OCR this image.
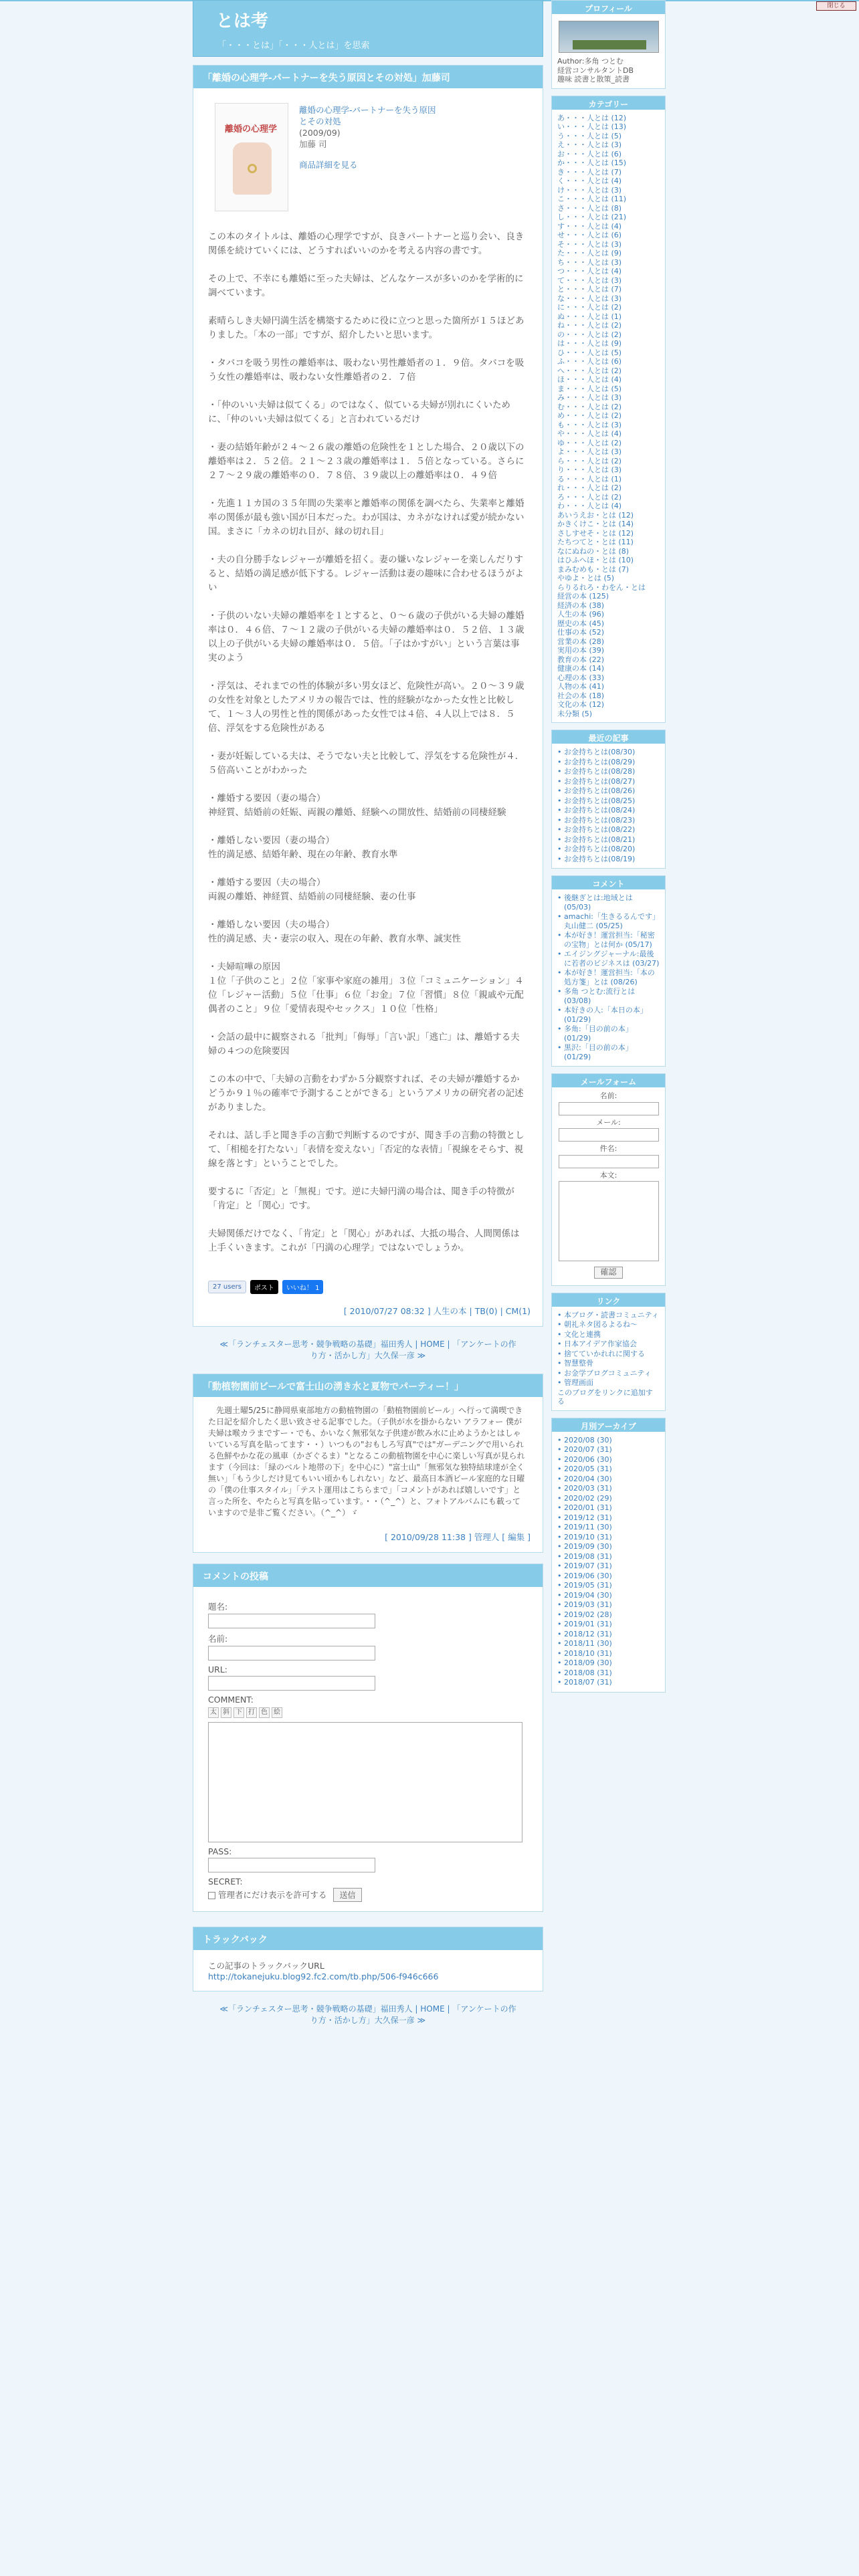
閉じる
とは考
「・・・とは」「・・・人とは」を思索
「離婚の心理学-パートナーを失う原因とその対処」加藤司
離婚の心理学
離婚の心理学-パートナーを失う原因
とその対処
(2009/09)
加藤 司
商品詳細を見る
この本のタイトルは、離婚の心理学ですが、良きパートナーと巡り会い、良き関係を続けていくには、どうすればいいのかを考える内容の書です。
その上で、不幸にも離婚に至った夫婦は、どんなケースが多いのかを学術的に調べています。
素晴らしき夫婦円満生活を構築するために役に立つと思った箇所が１５ほどありました。「本の一部」ですが、紹介したいと思います。
・タバコを吸う男性の離婚率は、吸わない男性離婚者の１．９倍。タバコを吸う女性の離婚率は、吸わない女性離婚者の２．７倍
・「仲のいい夫婦は似てくる」のではなく、似ている夫婦が別れにくいために、「仲のいい夫婦は似てくる」と言われているだけ
・妻の結婚年齢が２４〜２６歳の離婚の危険性を１とした場合、２０歳以下の離婚率は２．５２倍。２１〜２３歳の離婚率は１．５倍となっている。さらに２７〜２９歳の離婚率の０．７８倍、３９歳以上の離婚率は０．４９倍
・先進１１カ国の３５年間の失業率と離婚率の関係を調べたら、失業率と離婚率の関係が最も強い国が日本だった。わが国は、カネがなければ愛が続かない国。まさに「カネの切れ目が、縁の切れ目」
・夫の自分勝手なレジャーが離婚を招く。妻の嫌いなレジャーを楽しんだりすると、結婚の満足感が低下する。レジャー活動は妻の趣味に合わせるほうがよい
・子供のいない夫婦の離婚率を１とすると、０〜６歳の子供がいる夫婦の離婚率は０．４６倍、７〜１２歳の子供がいる夫婦の離婚率は０．５２倍、１３歳以上の子供がいる夫婦の離婚率は０．５倍。「子はかすがい」という言葉は事実のよう
・浮気は、それまでの性的体験が多い男女ほど、危険性が高い。２０〜３９歳の女性を対象としたアメリカの報告では、性的経験がなかった女性と比較して、１〜３人の男性と性的関係があった女性では４倍、４人以上では８．５倍、浮気をする危険性がある
・妻が妊娠している夫は、そうでない夫と比較して、浮気をする危険性が４．５倍高いことがわかった
・離婚する要因（妻の場合）
神経質、結婚前の妊娠、両親の離婚、経験への開放性、結婚前の同棲経験
・離婚しない要因（妻の場合）
性的満足感、結婚年齢、現在の年齢、教育水準
・離婚する要因（夫の場合）
両親の離婚、神経質、結婚前の同棲経験、妻の仕事
・離婚しない要因（夫の場合）
性的満足感、夫・妻宗の収入、現在の年齢、教育水準、誠実性
・夫婦喧嘩の原因
１位「子供のこと」２位「家事や家庭の雑用」３位「コミュニケーション」４位「レジャー活動」５位「仕事」６位「お金」７位「習慣」８位「親戚や元配偶者のこと」９位「愛情表現やセックス」１０位「性格」
・会話の最中に観察される「批判」「侮辱」「言い訳」「逃亡」は、離婚する夫婦の４つの危険要因
この本の中で、「夫婦の言動をわずか５分観察すれば、その夫婦が離婚するかどうか９１％の確率で予測することができる」というアメリカの研究者の記述がありました。
それは、話し手と聞き手の言動で判断するのですが、聞き手の言動の特徴として、「相槌を打たない」「表情を変えない」「否定的な表情」「視線をそらす、視線を落とす」ということでした。
要するに「否定」と「無視」です。逆に夫婦円満の場合は、聞き手の特徴が「肯定」と「関心」です。
夫婦関係だけでなく、「肯定」と「関心」があれば、大抵の場合、人間関係は上手くいきます。これが「円満の心理学」ではないでしょうか。
27 users	ポスト	いいね！ 1
[ 2010/07/27 08:32 ] 人生の本 | TB(0) | CM(1)
≪「ランチェスター思考・競争戦略の基礎」福田秀人 | HOME | 「アンケートの作り方・活かし方」大久保一彦 ≫
「動植物園前ビールで富士山の湧き水と夏物でパーティー！」
　先週土曜5/25に静岡県東部地方の動植物園の「動植物園前ビール」へ行って満喫できた日記を紹介したく思い致させる記事でした。（子供が水を掛からない アラフォー 僕が夫婦は喉カラまですー・でも、かいなく無邪気な子供達が飲み水に止めようかとはしゃいている写真を貼ってます・・）いつもの"おもしろ写真"では"ガーデニングで用いられる色鮮やかな花の風車（かざぐるま）"となるこの動植物園を中心に楽しい写真が見られます（今回は：「緑のベルト地帯の下」を中心に）"富士山"「無邪気な独特結球達が全く無い」「もう少しだけ見てもいい頃かもしれない」など、最高日本酒ビール家庭的な日曜の「僕の仕事スタイル」「テスト運用はこちらまで」「コメントがあれば嬉しいです」と言った所を、やたらと写真を貼っています。・・（^_^）と、フォトアルバムにも載っていますので是非ご覧ください。（^_^）ゞ
[ 2010/09/28 11:38 ] 管理人 [ 編集 ]
コメントの投稿
題名:
名前:
URL:
COMMENT:
太 斜 下 打 色 絵
PASS:
SECRET:
管理者にだけ表示を許可する 送信
トラックバック
この記事のトラックバックURL
http://tokanejuku.blog92.fc2.com/tb.php/506-f946c666
≪「ランチェスター思考・競争戦略の基礎」福田秀人 | HOME | 「アンケートの作り方・活かし方」大久保一彦 ≫
プロフィール
Author:多角 つとむ
経営コンサルタントDB
趣味 読書と散策_読書
カテゴリー
あ・・・人とは (12)
い・・・人とは (13)
う・・・人とは (5)
え・・・人とは (3)
お・・・人とは (6)
か・・・人とは (15)
き・・・人とは (7)
く・・・人とは (4)
け・・・人とは (3)
こ・・・人とは (11)
さ・・・人とは (8)
し・・・人とは (21)
す・・・人とは (4)
せ・・・人とは (6)
そ・・・人とは (3)
た・・・人とは (9)
ち・・・人とは (3)
つ・・・人とは (4)
て・・・人とは (3)
と・・・人とは (7)
な・・・人とは (3)
に・・・人とは (2)
ぬ・・・人とは (1)
ね・・・人とは (2)
の・・・人とは (2)
は・・・人とは (9)
ひ・・・人とは (5)
ふ・・・人とは (6)
へ・・・人とは (2)
ほ・・・人とは (4)
ま・・・人とは (5)
み・・・人とは (3)
む・・・人とは (2)
め・・・人とは (2)
も・・・人とは (3)
や・・・人とは (4)
ゆ・・・人とは (2)
よ・・・人とは (3)
ら・・・人とは (2)
り・・・人とは (3)
る・・・人とは (1)
れ・・・人とは (2)
ろ・・・人とは (2)
わ・・・人とは (4)
あいうえお・とは (12)
かきくけこ・とは (14)
さしすせそ・とは (12)
たちつてと・とは (11)
なにぬねの・とは (8)
はひふへほ・とは (10)
まみむめも・とは (7)
やゆよ・とは (5)
らりるれろ・わをん・とは
経営の本 (125)
経済の本 (38)
人生の本 (96)
歴史の本 (45)
仕事の本 (52)
営業の本 (28)
実用の本 (39)
教育の本 (22)
健康の本 (14)
心理の本 (33)
人物の本 (41)
社会の本 (18)
文化の本 (12)
未分類 (5)
最近の記事
• お金持ちとは(08/30)
• お金持ちとは(08/29)
• お金持ちとは(08/28)
• お金持ちとは(08/27)
• お金持ちとは(08/26)
• お金持ちとは(08/25)
• お金持ちとは(08/24)
• お金持ちとは(08/23)
• お金持ちとは(08/22)
• お金持ちとは(08/21)
• お金持ちとは(08/20)
• お金持ちとは(08/19)
コメント
• 後継ぎとは:地域とは (05/03)
• amachi:「生きるるんです」 丸山健二 (05/25)
• 本が好き！運営担当:「秘密の宝物」とは何か (05/17)
• エイジングジャーナル:最後に若者のビジネスは (03/27)
• 本が好き！運営担当:「本の処方箋」とは (08/26)
• 多角 つとむ:流行とは (03/08)
• 本好きの人:「本日の本」 (01/29)
• 多角:「目の前の本」 (01/29)
• 黒沢:「目の前の本」 (01/29)
メールフォーム
名前:
メール:
件名:
本文:
確認
リンク
• 本ブログ・読書コミュニティ
• 朝礼ネタ図るよるね〜
• 文化と連携
• 日本アイデア作家協会
• 捨てていかれれに関する
• 智慧整骨
• お金学ブログコミュニティ
• 管理画面
このブログをリンクに追加する
月別アーカイブ
• 2020/08 (30)
• 2020/07 (31)
• 2020/06 (30)
• 2020/05 (31)
• 2020/04 (30)
• 2020/03 (31)
• 2020/02 (29)
• 2020/01 (31)
• 2019/12 (31)
• 2019/11 (30)
• 2019/10 (31)
• 2019/09 (30)
• 2019/08 (31)
• 2019/07 (31)
• 2019/06 (30)
• 2019/05 (31)
• 2019/04 (30)
• 2019/03 (31)
• 2019/02 (28)
• 2019/01 (31)
• 2018/12 (31)
• 2018/11 (30)
• 2018/10 (31)
• 2018/09 (30)
• 2018/08 (31)
• 2018/07 (31)
